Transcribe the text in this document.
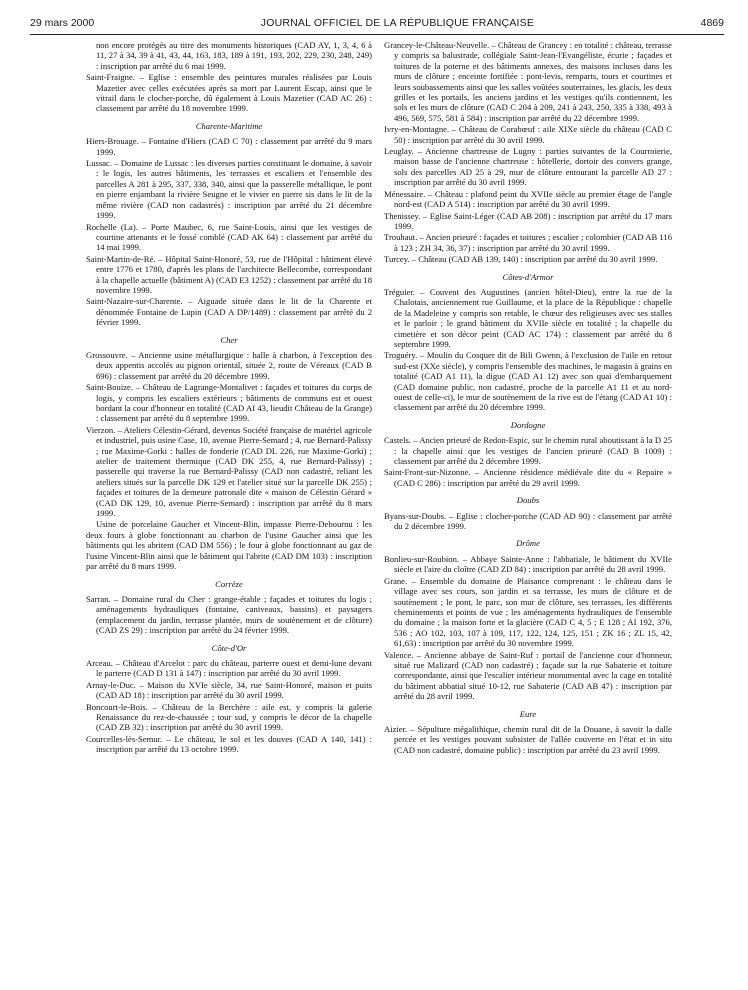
29 mars 2000	JOURNAL OFFICIEL DE LA RÉPUBLIQUE FRANÇAISE	4869

non encore protégés au titre des monuments historiques (CAD AY, 1, 3, 4, 6 à 11, 27 à 34, 39 à 41, 43, 44, 163, 183, 189 à 191, 193, 202, 229, 230, 248, 249) : inscription par arrêté du 6 mai 1999.

Saint-Fraigne. – Eglise : ensemble des peintures murales réalisées par Louis Mazetier avec celles exécutées après sa mort par Laurent Escap, ainsi que le vitrail dans le clocher-porche, dû également à Louis Mazetier (CAD AC 26) : classement par arrêté du 18 novembre 1999.

Charente-Maritime

Hiers-Brouage. – Fontaine d'Hiers (CAD C 70) : classement par arrêté du 9 mars 1999.

Lussac. – Domaine de Lussac : les diverses parties constituant le domaine, à savoir : le logis, les autres bâtiments, les terrasses et escaliers et l'ensemble des parcelles A 281 à 295, 337, 338, 340, ainsi que la passerelle métallique, le pont en pierre enjambant la rivière Seugne et le vivier en pierre sis dans le lit de la même rivière (CAD non cadastrés) : inscription par arrêté du 21 décembre 1999.

Rochelle (La). – Porte Maubec, 6, rue Saint-Louis, ainsi que les vestiges de courtine attenants et le fossé comblé (CAD AK 64) : classement par arrêté du 14 mai 1999.

Saint-Martin-de-Ré. – Hôpital Saint-Honoré, 53, rue de l'Hôpital : bâtiment élevé entre 1776 et 1780, d'après les plans de l'architecte Bellecombe, correspondant à la chapelle actuelle (bâtiment A) (CAD E3 1252) : classement par arrêté du 18 novembre 1999.

Saint-Nazaire-sur-Charente. – Aiguade située dans le lit de la Charente et dénommée Fontaine de Lupin (CAD A DP/1489) : classement par arrêté du 2 février 1999.

Cher

Grossouvre. – Ancienne usine métallurgique : halle à charbon, à l'exception des deux appentis accolés au pignon oriental, située 2, route de Véreaux (CAD B 696) : classement par arrêté du 20 décembre 1999.

Saint-Bouize. – Château de Lagrange-Montalivet : façades et toitures du corps de logis, y compris les escaliers extérieurs ; bâtiments de communs est et ouest bordant la cour d'honneur en totalité (CAD AI 43, lieudit Château de la Grange) : classement par arrêté du 8 septembre 1999.

Vierzon. – Ateliers Célestin-Gérard, devenus Société française de matériel agricole et industriel, puis usine Case, 10, avenue Pierre-Semard ; 4, rue Bernard-Palissy ; rue Maxime-Gorki : halles de fonderie (CAD DL 226, rue Maxime-Gorki) ; atelier de traitement thermique (CAD DK 255, 4, rue Bernard-Palissy) ; passerelle qui traverse la rue Bernard-Palissy (CAD non cadastré, reliant les ateliers situés sur la parcelle DK 129 et l'atelier situé sur la parcelle DK 255) ; façades et toitures de la demeure patronale dite « maison de Célestin Gérard » (CAD DK 129, 10, avenue Pierre-Semard) : inscription par arrêté du 8 mars 1999.

Usine de porcelaine Gaucher et Vincent-Blin, impasse Pierre-Debournu : les deux fours à globe fonctionnant au charbon de l'usine Gaucher ainsi que les bâtiments qui les abritent (CAD DM 556) ; le four à globe fonctionnant au gaz de l'usine Vincent-Blin ainsi que le bâtiment qui l'abrite (CAD DM 103) : inscription par arrêté du 8 mars 1999.

Corrèze

Sarran. – Domaine rural du Cher : grange-étable ; façades et toitures du logis ; aménagements hydrauliques (fontaine, caniveaux, bassins) et paysagers (emplacement du jardin, terrasse plantée, murs de soutènement et de clôture) (CAD ZS 29) : inscription par arrêté du 24 février 1999.

Côte-d'Or

Arceau. – Château d'Arcelot : parc du château, parterre ouest et demi-lune devant le parterre (CAD D 131 à 147) : inscription par arrêté du 30 avril 1999.

Arnay-le-Duc. – Maison du XVIe siècle, 34, rue Saint-Honoré, maison et puits (CAD AD 18) : inscription par arrêté du 30 avril 1999.

Boncourt-le-Bois. – Château de la Berchère : aile est, y compris la galerie Renaissance du rez-de-chaussée ; tour sud, y compris le décor de la chapelle (CAD ZB 32) : inscription par arrêté du 30 avril 1999.

Courcelles-lès-Semur. – Le château, le sol et les douves (CAD A 140, 141) : inscription par arrêté du 13 octobre 1999.

Grancey-le-Château-Neuvelle. – Château de Grancey : en totalité : château, terrasse y compris sa balustrade, collégiale Saint-Jean-l'Evangéliste, écurie ; façades et toitures de la poterne et des bâtiments annexes, des maisons incluses dans les murs de clôture ; enceinte fortifiée : pont-levis, remparts, tours et courtines et leurs soubassements ainsi que les salles voûtées souterraines, les glacis, les deux grilles et les portails, les anciens jardins et les vestiges qu'ils contiennent, les sols et les murs de clôture (CAD C 204 à 209, 241 à 243, 250, 335 à 338, 493 à 496, 569, 575, 581 à 584) : inscription par arrêté du 22 décembre 1999.

Ivry-en-Montagne. – Château de Corabœuf : aile XIXe siècle du château (CAD C 50) : inscription par arrêté du 30 avril 1999.

Leuglay. – Ancienne chartreuse de Lugny : parties suivantes de la Courroierie, maison basse de l'ancienne chartreuse : hôtellerie, dortoir des convers grange, sols des parcelles AD 25 à 29, mur de clôture entourant la parcelle AD 27 : inscription par arrêté du 30 avril 1999.

Ménessaire. – Château : plafond peint du XVIIe siècle au premier étage de l'angle nord-est (CAD A 514) : inscription par arrêté du 30 avril 1999.

Thenissey. – Eglise Saint-Léger (CAD AB 208) : inscription par arrêté du 17 mars 1999.

Trouhaut. – Ancien prieuré : façades et toitures ; escalier ; colombier (CAD AB 116 à 123 ; ZH 34, 36, 37) : inscription par arrêté du 30 avril 1999.

Turcey. – Château (CAD AB 139, 140) : inscription par arrêté du 30 avril 1999.

Côtes-d'Armor

Tréguier. – Couvent des Augustines (ancien hôtel-Dieu), entre la rue de la Chalotais, anciennement rue Guillaume, et la place de la République : chapelle de la Madeleine y compris son retable, le chœur des religieuses avec ses stalles et le parloir ; le grand bâtiment du XVIIe siècle en totalité ; la chapelle du cimetière et son décor peint (CAD AC 174) : classement par arrêté du 8 septembre 1999.

Troguéry. – Moulin du Cosquer dit de Bili Gwenn, à l'exclusion de l'aile en retour sud-est (XXe siècle), y compris l'ensemble des machines, le magasin à grains en totalité (CAD A1 11), la digue (CAD A1 12) avec son quai d'embarquement (CAD domaine public, non cadastré, proche de la parcelle A1 11 et au nord-ouest de celle-ci), le mur de soutènement de la rive est de l'étang (CAD A1 10) : classement par arrêté du 20 décembre 1999.

Dordogne

Castels. – Ancien prieuré de Redon-Espic, sur le chemin rural aboutissant à la D 25 : la chapelle ainsi que les vestiges de l'ancien prieuré (CAD B 1009) : classement par arrêté du 2 décembre 1999.

Saint-Front-sur-Nizonne. – Ancienne résidence médiévale dite du « Repaire » (CAD C 286) : inscription par arrêté du 29 avril 1999.

Doubs

Byans-sur-Doubs. – Eglise : clocher-porche (CAD AD 90) : classement par arrêté du 2 décembre 1999.

Drôme

Bonlieu-sur-Roubion. – Abbaye Sainte-Anne : l'abbatiale, le bâtiment du XVIIe siècle et l'aire du cloître (CAD ZD 84) : inscription par arrêté du 28 avril 1999.

Grane. – Ensemble du domaine de Plaisance comprenant : le château dans le village avec ses cours, son jardin et sa terrasse, les murs de clôture et de soutènement ; le pont, le parc, son mur de clôture, ses terrasses, les différents cheminements et points de vue ; les aménagements hydrauliques de l'ensemble du domaine ; la maison forte et la glacière (CAD C 4, 5 ; E 128 ; AI 192, 376, 536 ; AO 102, 103, 107 à 109, 117, 122, 124, 125, 151 ; ZK 16 ; ZL 15, 42, 61,63) : inscription par arrêté du 30 novembre 1999.

Valence. – Ancienne abbaye de Saint-Ruf : portail de l'ancienne cour d'honneur, situé rue Malizard (CAD non cadastré) ; façade sur la rue Sabaterie et toiture correspondante, ainsi que l'escalier intérieur monumental avec la cage en totalité du bâtiment abbatial situé 10-12, rue Sabaterie (CAD AB 47) : inscription par arrêté du 28 avril 1999.

Eure

Aizier. – Sépulture mégalithique, chemin rural dit de la Douane, à savoir la dalle percée et les vestiges pouvant subsister de l'allée couverte en l'état et in situ (CAD non cadastré, domaine public) : inscription par arrêté du 23 avril 1999.
